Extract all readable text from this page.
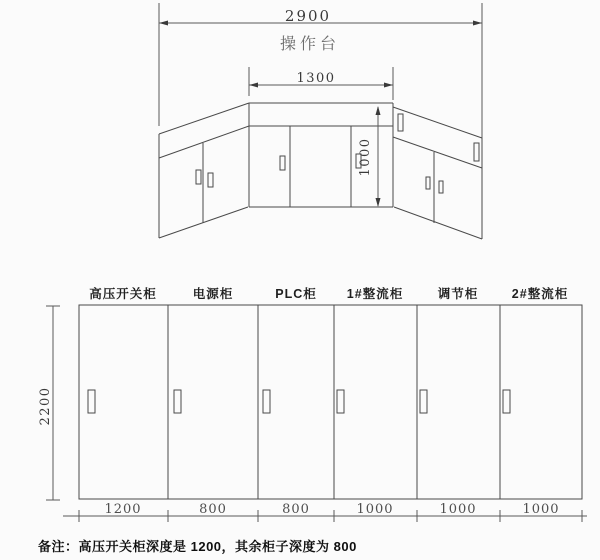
2900
操作台
1300
1000
高压开关柜	电源柜	PLC柜 1#整流柜	调节柜	2#整流柜
2200
1200	800	800	1000	1000	1000
备注：高压开关柜深度是 1200，其余柜子深度为 800
